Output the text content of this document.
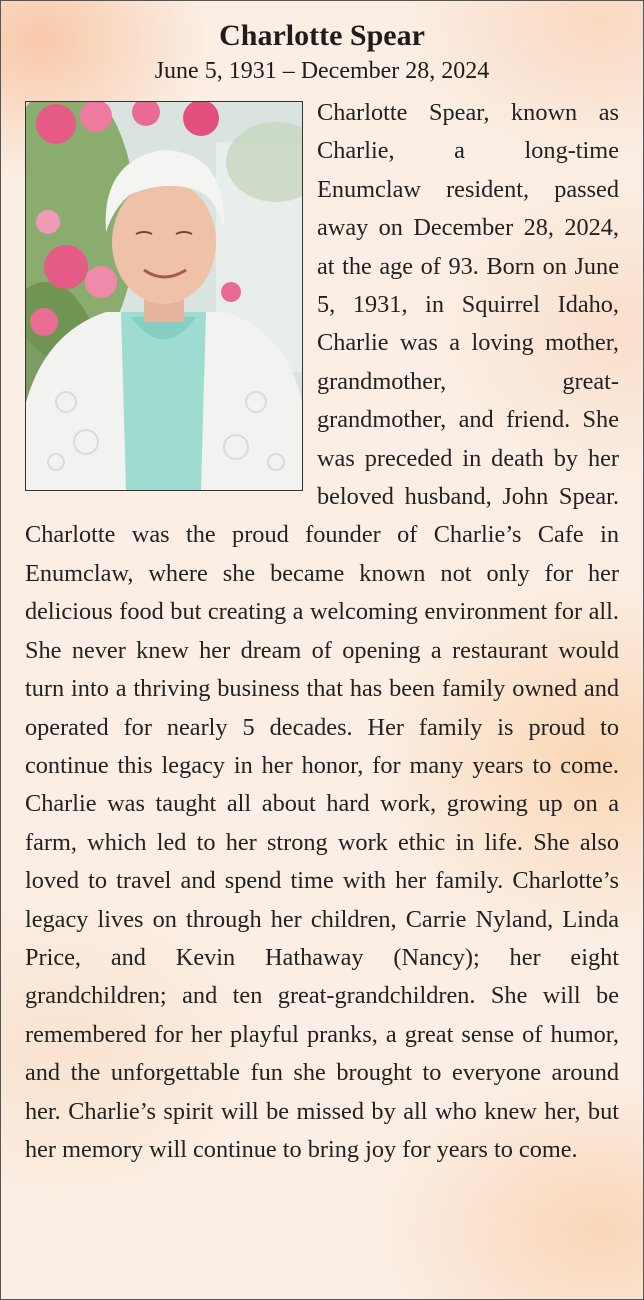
Charlotte Spear
June 5, 1931 – December 28, 2024
Charlotte Spear, known as Charlie, a long-time Enumclaw resident, passed away on December 28, 2024, at the age of 93. Born on June 5, 1931, in Squirrel Idaho, Charlie was a loving mother, grandmother, great-grandmother, and friend. She was preceded in death by her beloved husband, John Spear. Charlotte was the proud founder of Charlie’s Cafe in Enumclaw, where she became known not only for her delicious food but creating a welcoming environment for all. She never knew her dream of opening a restaurant would turn into a thriving business that has been family owned and operated for nearly 5 decades. Her family is proud to continue this legacy in her honor, for many years to come. Charlie was taught all about hard work, growing up on a farm, which led to her strong work ethic in life. She also loved to travel and spend time with her family. Charlotte’s legacy lives on through her children, Carrie Nyland, Linda Price, and Kevin Hathaway (Nancy); her eight grandchildren; and ten great-grandchildren. She will be remembered for her playful pranks, a great sense of humor, and the unforgettable fun she brought to everyone around her. Charlie’s spirit will be missed by all who knew her, but her memory will continue to bring joy for years to come.
